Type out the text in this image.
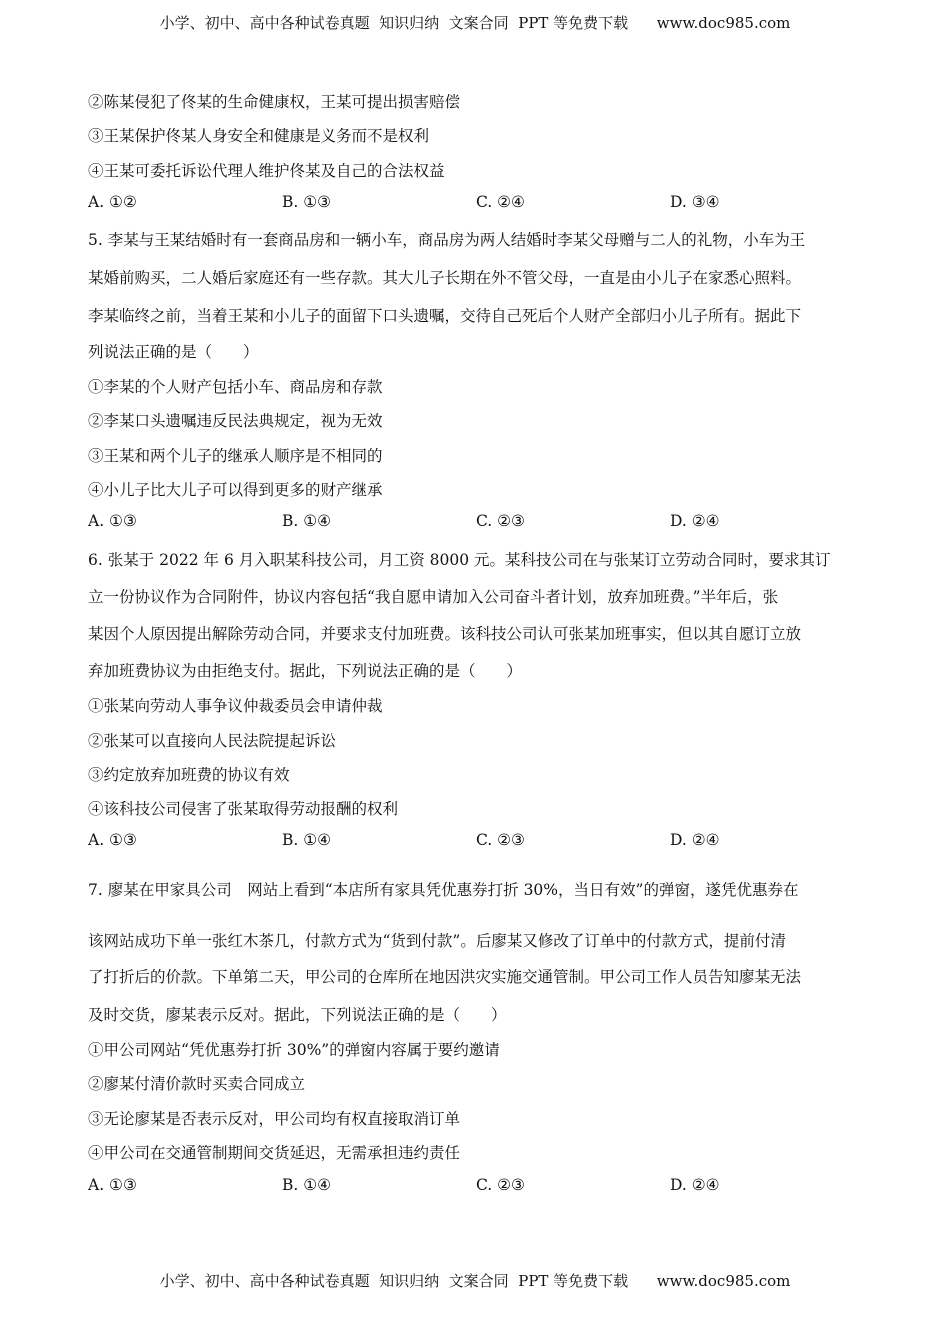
小学、初中、高中各种试卷真题  知识归纳  文案合同  PPT 等免费下载      www.doc985.com
②陈某侵犯了佟某的生命健康权，王某可提出损害赔偿
③王某保护佟某人身安全和健康是义务而不是权利
④王某可委托诉讼代理人维护佟某及自己的合法权益
A. ①②	B. ①③	C. ②④	D. ③④
5. 李某与王某结婚时有一套商品房和一辆小车，商品房为两人结婚时李某父母赠与二人的礼物，小车为王
某婚前购买，二人婚后家庭还有一些存款。其大儿子长期在外不管父母，一直是由小儿子在家悉心照料。
李某临终之前，当着王某和小儿子的面留下口头遗嘱，交待自己死后个人财产全部归小儿子所有。据此下
列说法正确的是（　　）
①李某的个人财产包括小车、商品房和存款
②李某口头遗嘱违反民法典规定，视为无效
③王某和两个儿子的继承人顺序是不相同的
④小儿子比大儿子可以得到更多的财产继承
A. ①③	B. ①④	C. ②③	D. ②④
6. 张某于 2022 年 6 月入职某科技公司，月工资 8000 元。某科技公司在与张某订立劳动合同时，要求其订
立一份协议作为合同附件，协议内容包括“我自愿申请加入公司奋斗者计划，放弃加班费。”半年后，张
某因个人原因提出解除劳动合同，并要求支付加班费。该科技公司认可张某加班事实，但以其自愿订立放
弃加班费协议为由拒绝支付。据此，下列说法正确的是（　　）
①张某向劳动人事争议仲裁委员会申请仲裁
②张某可以直接向人民法院提起诉讼
③约定放弃加班费的协议有效
④该科技公司侵害了张某取得劳动报酬的权利
A. ①③	B. ①④	C. ②③	D. ②④
7. 廖某在甲家具公司　网站上看到“本店所有家具凭优惠券打折 30%，当日有效”的弹窗，遂凭优惠券在
该网站成功下单一张红木茶几，付款方式为“货到付款”。后廖某又修改了订单中的付款方式，提前付清
了打折后的价款。下单第二天，甲公司的仓库所在地因洪灾实施交通管制。甲公司工作人员告知廖某无法
及时交货，廖某表示反对。据此，下列说法正确的是（　　）
①甲公司网站“凭优惠券打折 30%”的弹窗内容属于要约邀请
②廖某付清价款时买卖合同成立
③无论廖某是否表示反对，甲公司均有权直接取消订单
④甲公司在交通管制期间交货延迟，无需承担违约责任
A. ①③	B. ①④	C. ②③	D. ②④
小学、初中、高中各种试卷真题  知识归纳  文案合同  PPT 等免费下载      www.doc985.com
